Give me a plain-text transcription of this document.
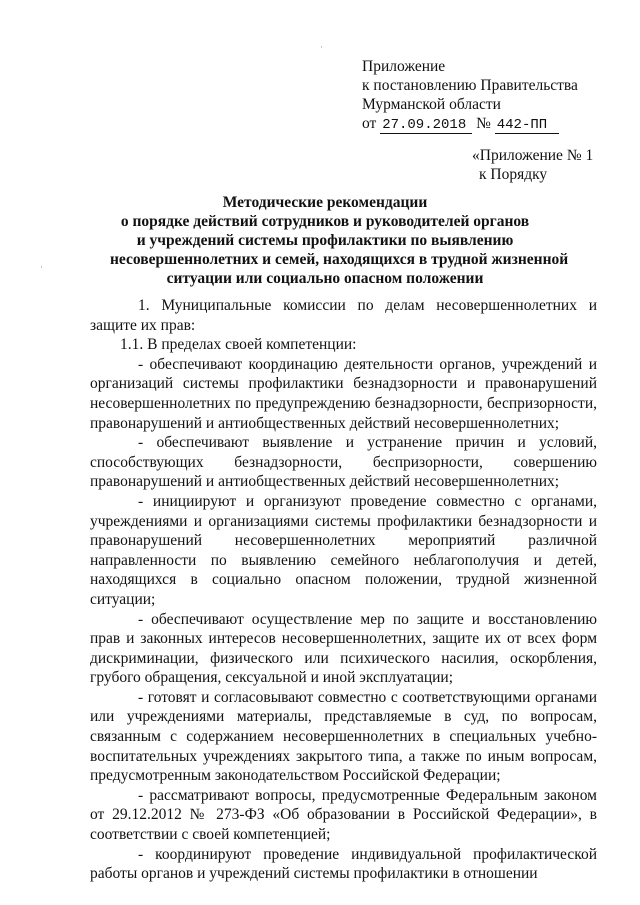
Приложение
к постановлению Правительства
Мурманской области
от 27.09.2018 № 442-ПП
«Приложение № 1
к Порядку
Методические рекомендации
о порядке действий сотрудников и руководителей органов
и учреждений системы профилактики по выявлению
несовершеннолетних и семей, находящихся в трудной жизненной
ситуации или социально опасном положении

1. Муниципальные комиссии по делам несовершеннолетних и защите их прав:

1.1. В пределах своей компетенции:

- обеспечивают координацию деятельности органов, учреждений и организаций системы профилактики безнадзорности и правонарушений несовершеннолетних по предупреждению безнадзорности, беспризорности, правонарушений и антиобщественных действий несовершеннолетних;

- обеспечивают выявление и устранение причин и условий, способствующих безнадзорности, беспризорности, совершению правонарушений и антиобщественных действий несовершеннолетних;

- инициируют и организуют проведение совместно с органами, учреждениями и организациями системы профилактики безнадзорности и правонарушений несовершеннолетних мероприятий различной направленности по выявлению семейного неблагополучия и детей, находящихся в социально опасном положении, трудной жизненной ситуации;

- обеспечивают осуществление мер по защите и восстановлению прав и законных интересов несовершеннолетних, защите их от всех форм дискриминации, физического или психического насилия, оскорбления, грубого обращения, сексуальной и иной эксплуатации;

- готовят и согласовывают совместно с соответствующими органами или учреждениями материалы, представляемые в суд, по вопросам, связанным с содержанием несовершеннолетних в специальных учебно-воспитательных учреждениях закрытого типа, а также по иным вопросам, предусмотренным законодательством Российской Федерации;

- рассматривают вопросы, предусмотренные Федеральным законом от 29.12.2012 № 273-ФЗ «Об образовании в Российской Федерации», в соответствии с своей компетенцией;

- координируют проведение индивидуальной профилактической работы органов и учреждений системы профилактики в отношении

·
·
